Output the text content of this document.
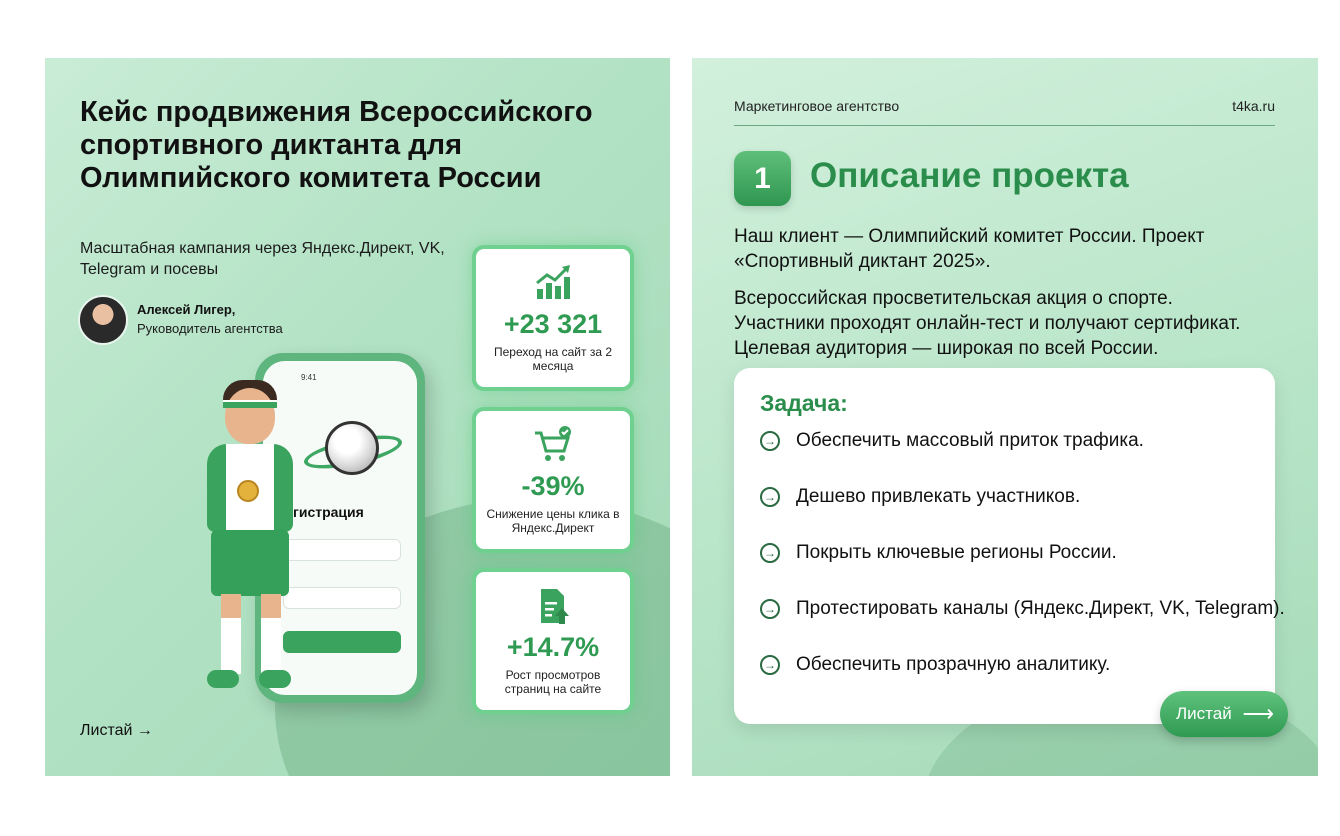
Кейс продвижения Всероссийского спортивного диктанта для Олимпийского комитета России
Масштабная кампания через Яндекс.Директ, VK, Telegram и посевы
Алексей Лигер,
Руководитель агентства
9:41
гистрация
+23 321
Переход на сайт за 2 месяца
-39%
Снижение цены клика в Яндекс.Директ
+14.7%
Рост просмотров страниц на сайте
Листай →
Маркетинговое агентство	t4ka.ru
1	Описание проекта
Наш клиент — Олимпийский комитет России. Проект «Спортивный диктант 2025».
Всероссийская просветительская акция о спорте. Участники проходят онлайн-тест и получают сертификат. Целевая аудитория — широкая по всей России.
Задача:
→ Обеспечить массовый приток трафика.
→ Дешево привлекать участников.
→ Покрыть ключевые регионы России.
→ Протестировать каналы (Яндекс.Директ, VK, Telegram).
→ Обеспечить прозрачную аналитику.
Листай ⟶
